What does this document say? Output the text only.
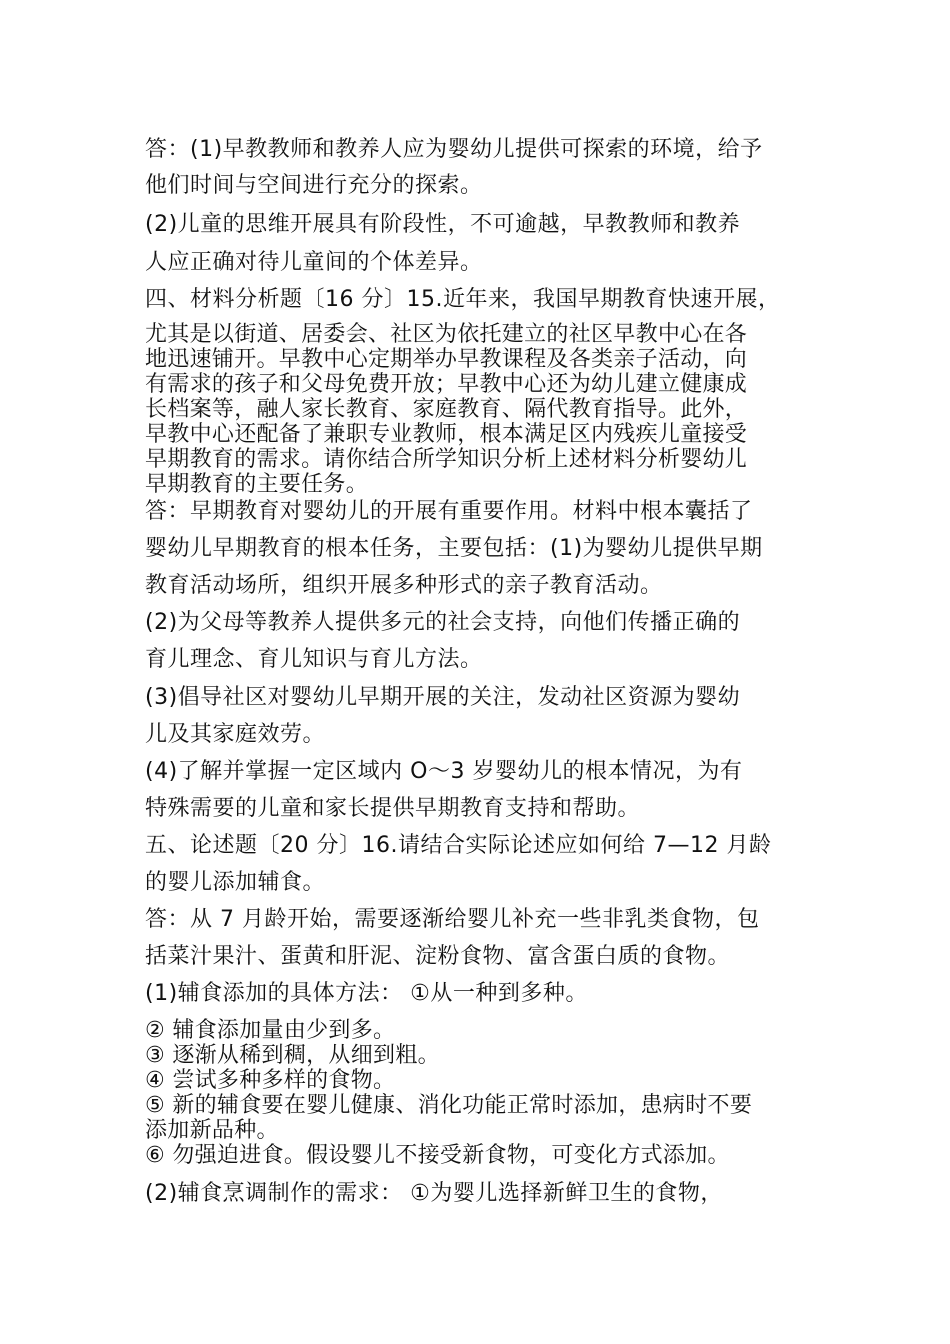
答：(1)早教教师和教养人应为婴幼儿提供可探索的环境，给予
他们时间与空间进行充分的探索。
(2)儿童的思维开展具有阶段性，不可逾越，早教教师和教养
人应正确对待儿童间的个体差异。
四、材料分析题〔16 分〕15.近年来，我国早期教育快速开展，
尤其是以街道、居委会、社区为依托建立的社区早教中心在各
地迅速铺开。早教中心定期举办早教课程及各类亲子活动，向
有需求的孩子和父母免费开放；早教中心还为幼儿建立健康成
长档案等，融人家长教育、家庭教育、隔代教育指导。此外，
早教中心还配备了兼职专业教师，根本满足区内残疾儿童接受
早期教育的需求。请你结合所学知识分析上述材料分析婴幼儿
早期教育的主要任务。
答：早期教育对婴幼儿的开展有重要作用。材料中根本囊括了
婴幼儿早期教育的根本任务，主要包括：(1)为婴幼儿提供早期
教育活动场所，组织开展多种形式的亲子教育活动。
(2)为父母等教养人提供多元的社会支持，向他们传播正确的
育儿理念、育儿知识与育儿方法。
(3)倡导社区对婴幼儿早期开展的关注，发动社区资源为婴幼
儿及其家庭效劳。
(4)了解并掌握一定区域内 O～3 岁婴幼儿的根本情况，为有
特殊需要的儿童和家长提供早期教育支持和帮助。
五、论述题〔20 分〕16.请结合实际论述应如何给 7—12 月龄
的婴儿添加辅食。
答：从 7 月龄开始，需要逐渐给婴儿补充一些非乳类食物，包
括菜汁果汁、蛋黄和肝泥、淀粉食物、富含蛋白质的食物。
(1)辅食添加的具体方法： ①从一种到多种。
② 辅食添加量由少到多。
③ 逐渐从稀到稠，从细到粗。
④ 尝试多种多样的食物。
⑤ 新的辅食要在婴儿健康、消化功能正常时添加，患病时不要
添加新品种。
⑥ 勿强迫进食。假设婴儿不接受新食物，可变化方式添加。
(2)辅食烹调制作的需求： ①为婴儿选择新鲜卫生的食物，
